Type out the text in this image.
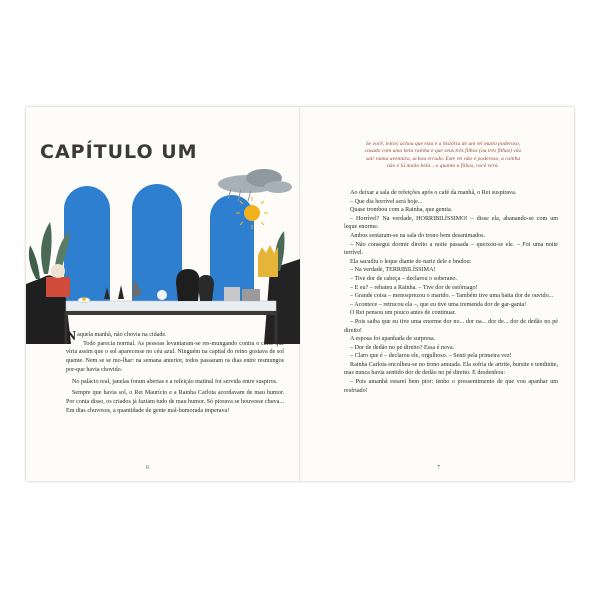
CAPÍTULO UM

Naquela manhã, não chovia na cidade.

Todo parecia normal. As pessoas levantaram-se res-mungando contra o calor que viria assim que o sol aparecesse no céu azul. Ninguém na capital do reino gostava de sol quente. Nem se se mo-lhar: na semana anterior, todos passaram os dias entre resmungos por-que havia chovido.

No palácio real, janelas foram abertas e a refeição matinal foi servida entre suspiros.

Sempre que havia sol, o Rei Maurício e a Rainha Carlota acordavam de mau humor. Por conta disso, os criados já faziam tudo de mau humor. Só piorava se houvesse chuva... Em dias chuvosos, a quantidade de gente mal-humorada imperava!

6

Se você, leitor, achou que esta é a história de um rei muito poderoso, casado com uma bela rainha e que seus três filhos (ou três filhas) vão sair numa aventura, achou errado. Este rei não é poderoso, a rainha não é lá muito bela... e quanto a filhos, você verá.

Ao deixar a sala de refeições após o café da manhã, o Rei suspirava.

– Que dia horrível será hoje...

Quase trombou com a Rainha, que gemia.

– Horrível? Na verdade, HORRIBILÍSSIMO! – disse ela, abanando-se com um leque enorme.

Ambos sentaram-se na sala do trono bem desanimados.

– Não consegui dormir direito a noite passada – queixou-se ele. – Foi uma noite terrível.

Ela sacudiu o leque diante do nariz dele e bradou:

– Na verdade, TERRIBILÍSSIMA!

– Tive dor de cabeça – declarou o soberano.

– E eu? – rebateu a Rainha. – Tive dor de estômago!

– Grande coisa – menosprezou o marido. – Também tive uma baita dor de ouvido...

– Acontece – retrucou ela –, que eu tive uma tremenda dor de gar-ganta!

O Rei pensou um pouco antes de continuar.

– Pois saiba que eu tive uma enorme dor no... dor na... dor de... dor de dedão no pé direito!

A esposa foi apanhada de surpresa.

– Dor de dedão no pé direito? Essa é nova.

– Claro que é – declarou ele, orgulhoso. – Senti pela primeira vez!

Rainha Carlota encolheu-se no trono amuada. Ela sofria de artrite, bursite e tendinite, mas nunca havia sentido dor de dedão no pé direito. E desdenhou:

– Pois amanhã estarei bem pior: tenho o pressentimento de que vou apanhar um resfriado!

7
